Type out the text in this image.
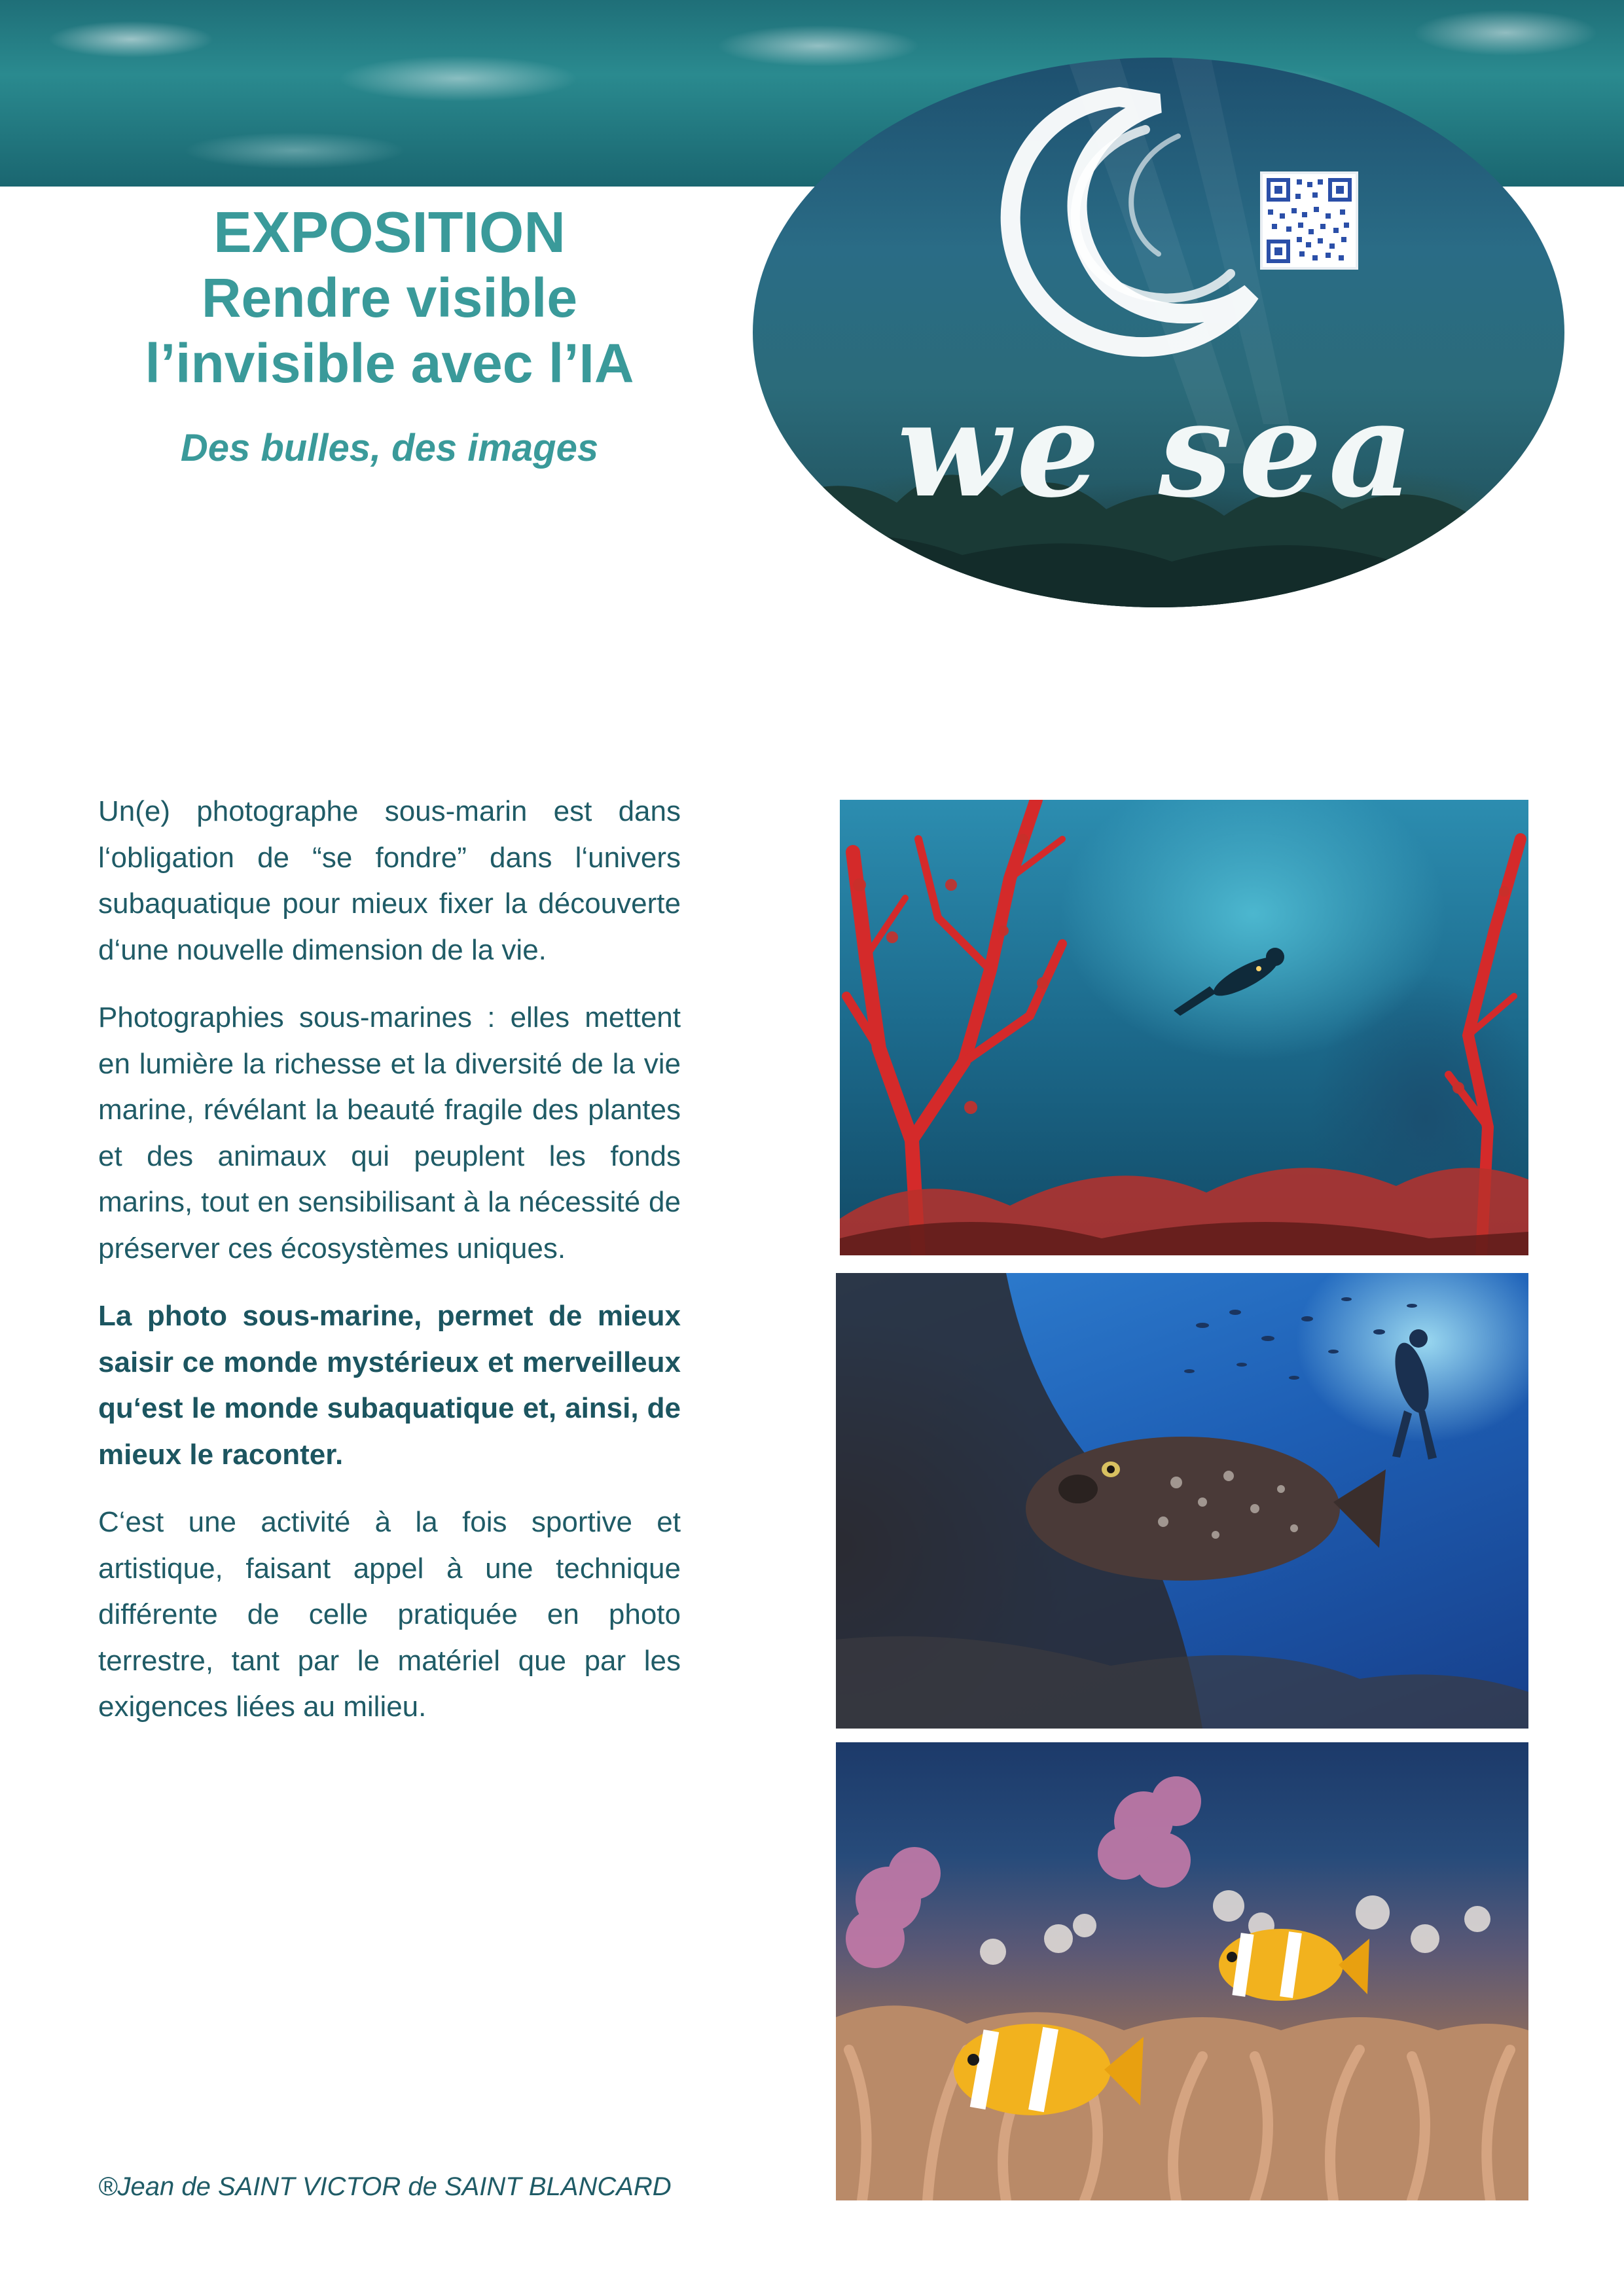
EXPOSITION
Rendre visible
l’invisible avec l’IA
Des bulles, des images	we sea

Un(e) photographe sous-marin est dans l‘obligation de “se fondre” dans l‘univers subaquatique pour mieux fixer la découverte d‘une nouvelle dimension de la vie.

Photographies sous-marines : elles mettent en lumière la richesse et la diversité de la vie marine, révélant la beauté fragile des plantes et des animaux qui peuplent les fonds marins, tout en sensibilisant à la nécessité de préserver ces écosystèmes uniques.

La photo sous-marine, permet de mieux saisir ce monde mystérieux et merveilleux qu‘est le monde subaquatique et, ainsi, de mieux le raconter.

C‘est une activité à la fois sportive et artistique, faisant appel à une technique différente de celle pratiquée en photo terrestre, tant par le matériel que par les exigences liées au milieu.

®Jean de SAINT VICTOR de SAINT BLANCARD
